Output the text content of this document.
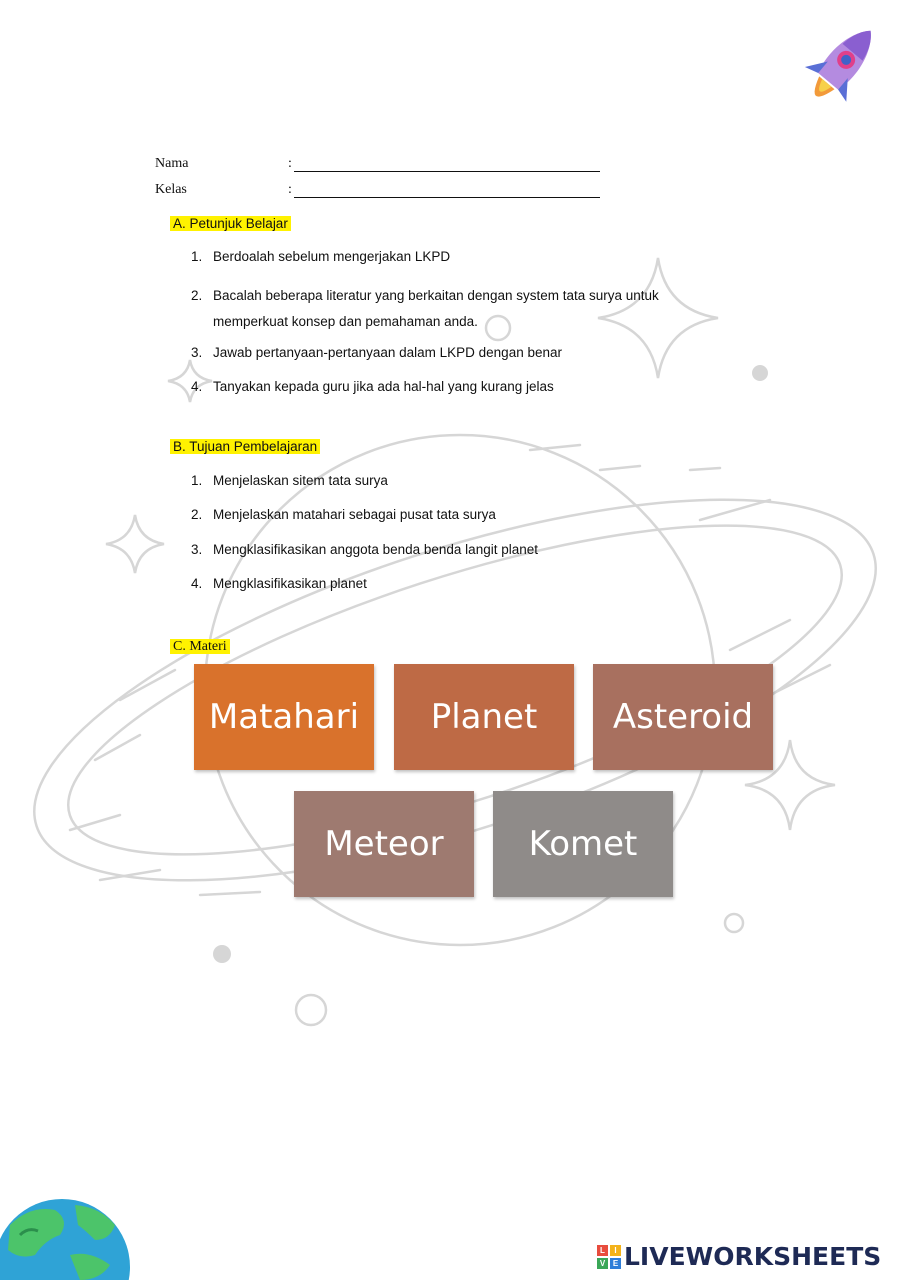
Nama	:
Kelas	:
A. Petunjuk Belajar
1. Berdoalah sebelum mengerjakan LKPD
2. Bacalah beberapa literatur yang berkaitan dengan system tata surya untuk memperkuat konsep dan pemahaman anda.
3. Jawab pertanyaan-pertanyaan dalam LKPD dengan benar
4. Tanyakan kepada guru jika ada hal-hal yang kurang jelas
B. Tujuan Pembelajaran
1. Menjelaskan sitem tata surya
2. Menjelaskan matahari sebagai pusat tata surya
3. Mengklasifikasikan anggota benda benda langit planet
4. Mengklasifikasikan planet
C. Materi
Matahari	Planet	Asteroid
Meteor	Komet
L	I
V E LIVEWORKSHEETS
